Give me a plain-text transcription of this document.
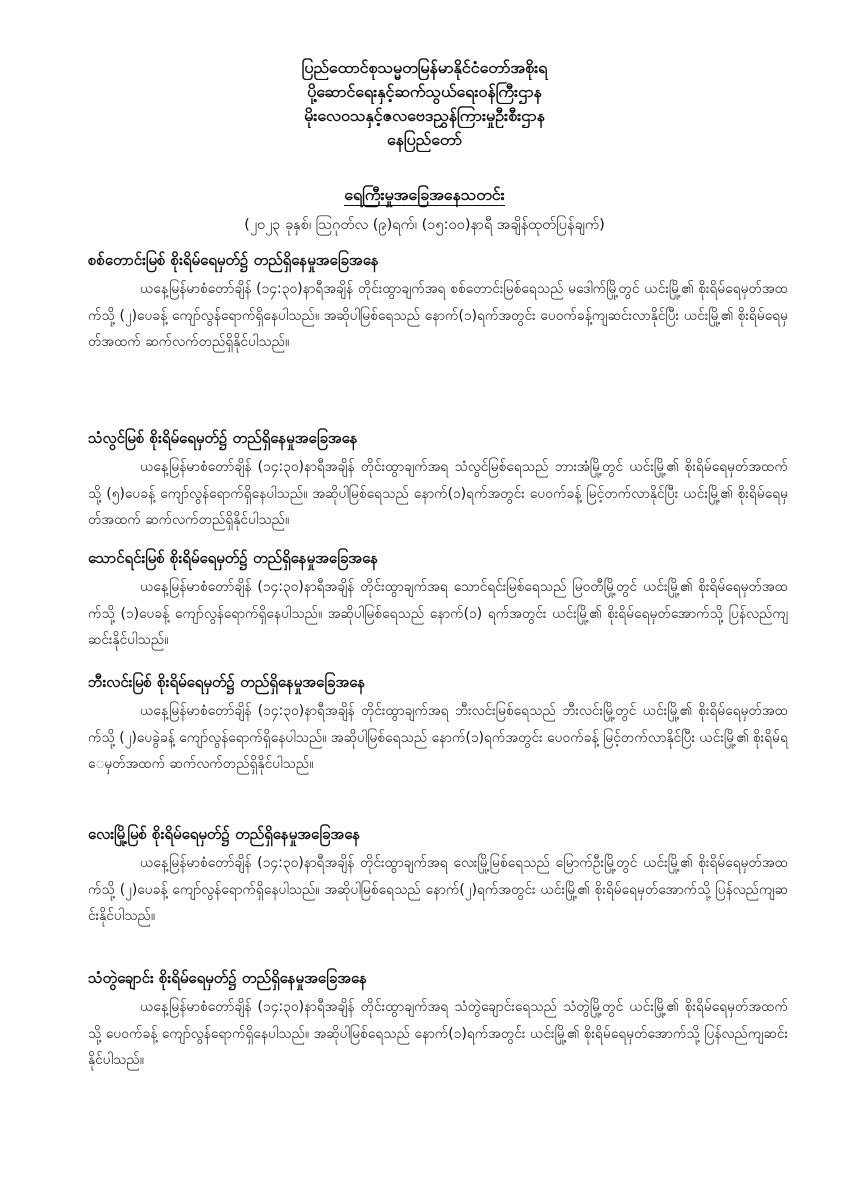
ပြည်ထောင်စုသမ္မတမြန်မာနိုင်ငံတော်အစိုးရ
ပို့ဆောင်ရေးနှင့်ဆက်သွယ်ရေးဝန်ကြီးဌာန
မိုးလေဝသနှင့်ဇလဗေဒညွှန်ကြားမှုဦးစီးဌာန
နေပြည်တော်
ရေကြီးမှုအခြေအနေသတင်း
(၂၀၂၃ ခုနှစ်၊ ဩဂုတ်လ (၉)ရက်၊ (၁၅:၀၀)နာရီ အချိန်ထုတ်ပြန်ချက်)
စစ်တောင်းမြစ် စိုးရိမ်ရေမှတ်၌ တည်ရှိနေမှုအခြေအနေ
ယနေ့မြန်မာစံတော်ချိန် (၁၄:၃၀)နာရီအချိန် တိုင်းထွာချက်အရ စစ်တောင်းမြစ်ရေသည် မဒေါက်မြို့တွင် ယင်းမြို့၏ စိုးရိမ်ရေမှတ်အထက်သို့ (၂)ပေခန့် ကျော်လွန်ရောက်ရှိနေပါသည်။ အဆိုပါမြစ်ရေသည် နောက်(၁)ရက်အတွင်း ပေဝက်ခန့်ကျဆင်းလာနိုင်ပြီး ယင်းမြို့၏ စိုးရိမ်ရေမှတ်အထက် ဆက်လက်တည်ရှိနိုင်ပါသည်။
သံလွင်မြစ် စိုးရိမ်ရေမှတ်၌ တည်ရှိနေမှုအခြေအနေ
ယနေ့မြန်မာစံတော်ချိန် (၁၄:၃၀)နာရီအချိန် တိုင်းထွာချက်အရ သံလွင်မြစ်ရေသည် ဘားအံမြို့တွင် ယင်းမြို့၏ စိုးရိမ်ရေမှတ်အထက်သို့ (၅)ပေခန့် ကျော်လွန်ရောက်ရှိနေပါသည်။ အဆိုပါမြစ်ရေသည် နောက်(၁)ရက်အတွင်း ပေဝက်ခန့် မြင့်တက်လာနိုင်ပြီး ယင်းမြို့၏ စိုးရိမ်ရေမှတ်အထက် ဆက်လက်တည်ရှိနိုင်ပါသည်။
သောင်ရင်းမြစ် စိုးရိမ်ရေမှတ်၌ တည်ရှိနေမှုအခြေအနေ
ယနေ့မြန်မာစံတော်ချိန် (၁၄:၃၀)နာရီအချိန် တိုင်းထွာချက်အရ သောင်ရင်းမြစ်ရေသည် မြဝတီမြို့တွင် ယင်းမြို့၏ စိုးရိမ်ရေမှတ်အထက်သို့ (၁)ပေခန့် ကျော်လွန်ရောက်ရှိနေပါသည်။ အဆိုပါမြစ်ရေသည် နောက်(၁) ရက်အတွင်း ယင်းမြို့၏ စိုးရိမ်ရေမှတ်အောက်သို့ ပြန်လည်ကျဆင်းနိုင်ပါသည်။
ဘီးလင်းမြစ် စိုးရိမ်ရေမှတ်၌ တည်ရှိနေမှုအခြေအနေ
ယနေ့မြန်မာစံတော်ချိန် (၁၄:၃၀)နာရီအချိန် တိုင်းထွာချက်အရ ဘီးလင်းမြစ်ရေသည် ဘီးလင်းမြို့တွင် ယင်းမြို့၏ စိုးရိမ်ရေမှတ်အထက်သို့ (၂)ပေခွဲခန့် ကျော်လွန်ရောက်ရှိနေပါသည်။ အဆိုပါမြစ်ရေသည် နောက်(၁)ရက်အတွင်း ပေဝက်ခန့် မြင့်တက်လာနိုင်ပြီး ယင်းမြို့၏ စိုးရိမ်ရေမှတ်အထက် ဆက်လက်တည်ရှိနိုင်ပါသည်။
လေးမြို့မြစ် စိုးရိမ်ရေမှတ်၌ တည်ရှိနေမှုအခြေအနေ
ယနေ့မြန်မာစံတော်ချိန် (၁၄:၃၀)နာရီအချိန် တိုင်းထွာချက်အရ လေးမြို့မြစ်ရေသည် မြောက်ဦးမြို့တွင် ယင်းမြို့၏ စိုးရိမ်ရေမှတ်အထက်သို့ (၂)ပေခန့် ကျော်လွန်ရောက်ရှိနေပါသည်။ အဆိုပါမြစ်ရေသည် နောက်(၂)ရက်အတွင်း ယင်းမြို့၏ စိုးရိမ်ရေမှတ်အောက်သို့ ပြန်လည်ကျဆင်းနိုင်ပါသည်။
သံတွဲချောင်း စိုးရိမ်ရေမှတ်၌ တည်ရှိနေမှုအခြေအနေ
ယနေ့မြန်မာစံတော်ချိန် (၁၄:၃၀)နာရီအချိန် တိုင်းထွာချက်အရ သံတွဲချောင်းရေသည် သံတွဲမြို့တွင် ယင်းမြို့၏ စိုးရိမ်ရေမှတ်အထက်သို့ ပေဝက်ခန့် ကျော်လွန်ရောက်ရှိနေပါသည်။ အဆိုပါမြစ်ရေသည် နောက်(၁)ရက်အတွင်း ယင်းမြို့၏ စိုးရိမ်ရေမှတ်အောက်သို့ ပြန်လည်ကျဆင်းနိုင်ပါသည်။
